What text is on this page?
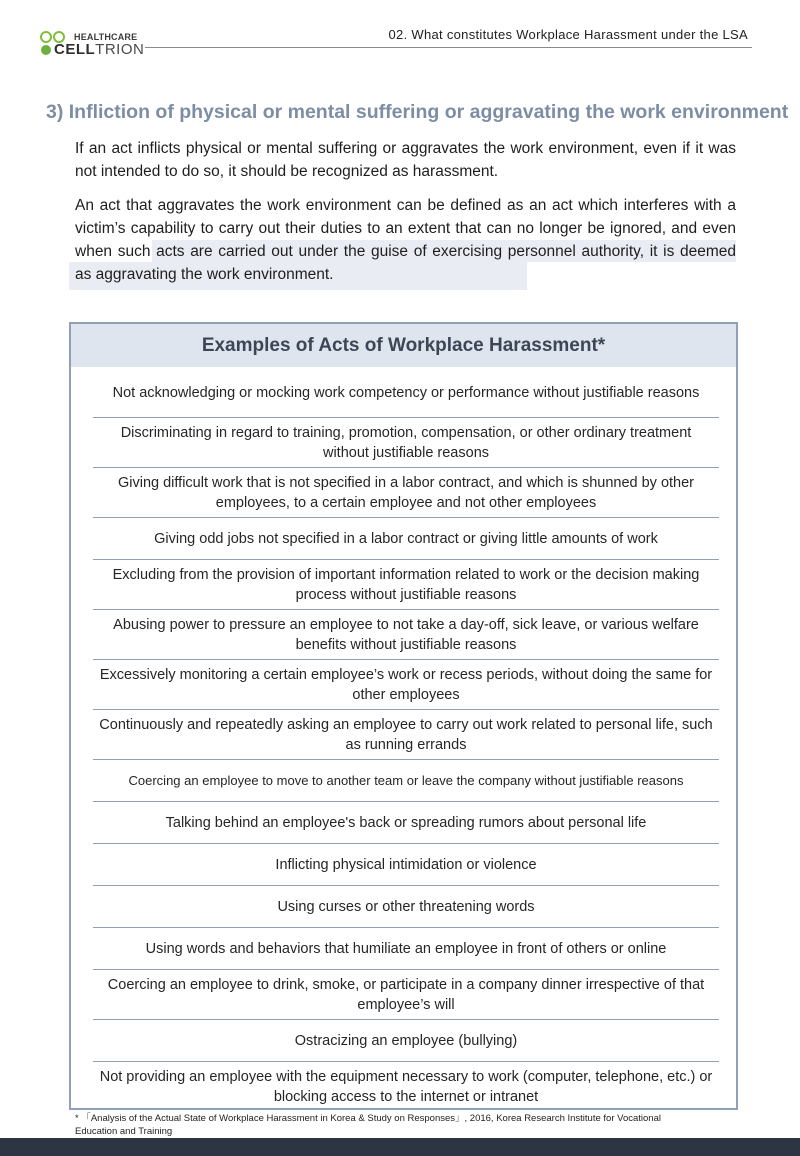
HEALTHCARE
CELLTRION
02. What constitutes Workplace Harassment under the LSA
3) Infliction of physical or mental suffering or aggravating the work environment

If an act inflicts physical or mental suffering or aggravates the work environment, even if it was not intended to do so, it should be recognized as harassment.

An act that aggravates the work environment can be defined as an act which interferes with a victim’s capability to carry out their duties to an extent that can no longer be ignored, and even when such acts are carried out under the guise of exercising personnel authority, it is deemed as aggravating the work environment.

Examples of Acts of Workplace Harassment*
Not acknowledging or mocking work competency or performance without justifiable reasons
Discriminating in regard to training, promotion, compensation, or other ordinary treatment without justifiable reasons
Giving difficult work that is not specified in a labor contract, and which is shunned by other employees, to a certain employee and not other employees
Giving odd jobs not specified in a labor contract or giving little amounts of work
Excluding from the provision of important information related to work or the decision making process without justifiable reasons
Abusing power to pressure an employee to not take a day-off, sick leave, or various welfare benefits without justifiable reasons
Excessively monitoring a certain employee’s work or recess periods, without doing the same for other employees
Continuously and repeatedly asking an employee to carry out work related to personal life, such as running errands
Coercing an employee to move to another team or leave the company without justifiable reasons
Talking behind an employee's back or spreading rumors about personal life
Inflicting physical intimidation or violence
Using curses or other threatening words
Using words and behaviors that humiliate an employee in front of others or online
Coercing an employee to drink, smoke, or participate in a company dinner irrespective of that employee’s will
Ostracizing an employee (bullying)
Not providing an employee with the equipment necessary to work (computer, telephone, etc.) or blocking access to the internet or intranet
* 「Analysis of the Actual State of Workplace Harassment in Korea & Study on Responses」, 2016, Korea Research Institute for Vocational Education and Training
